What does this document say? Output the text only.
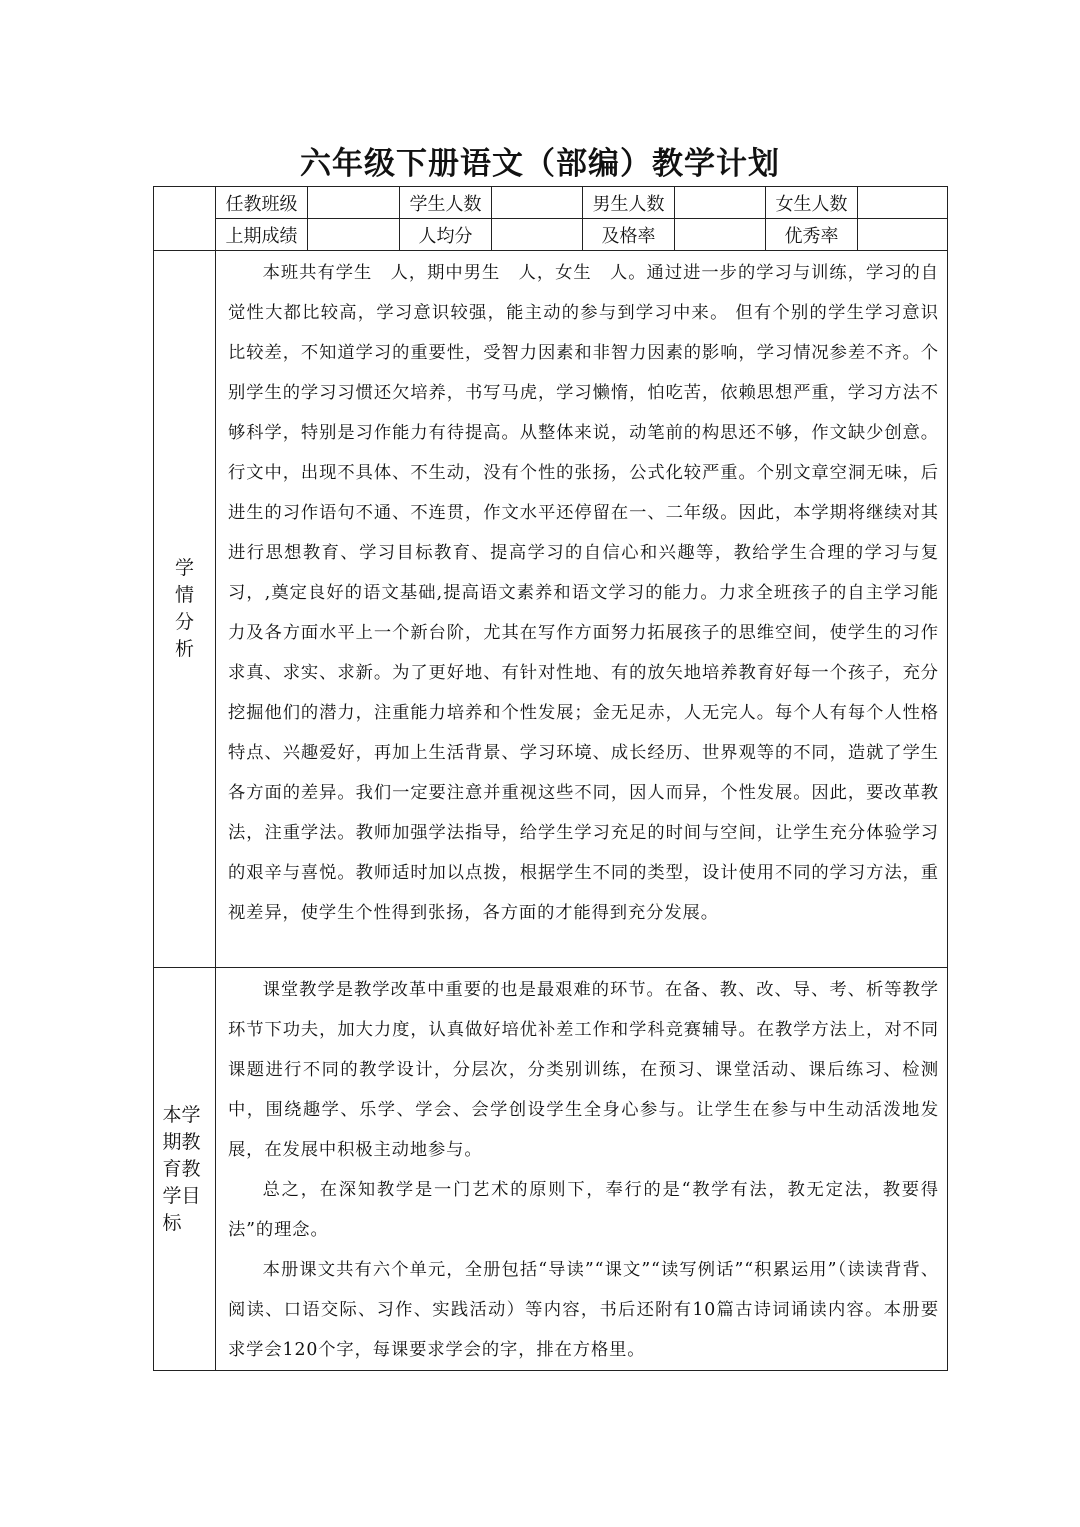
六年级下册语文（部编）教学计划
	任教班级		学生人数		男生人数		女生人数	
	上期成绩		人均分		及格率		优秀率	
学情分析	本班共有学生　人，期中男生　人，女生　人。通过进一步的学习与训练，学习的自觉性大都比较高，学习意识较强，能主动的参与到学习中来。 但有个别的学生学习意识比较差，不知道学习的重要性，受智力因素和非智力因素的影响，学习情况参差不齐。个别学生的学习习惯还欠培养，书写马虎，学习懒惰，怕吃苦，依赖思想严重，学习方法不够科学，特别是习作能力有待提高。从整体来说，动笔前的构思还不够，作文缺少创意。行文中，出现不具体、不生动，没有个性的张扬，公式化较严重。个别文章空洞无味，后进生的习作语句不通、不连贯，作文水平还停留在一、二年级。因此，本学期将继续对其进行思想教育、学习目标教育、提高学习的自信心和兴趣等，教给学生合理的学习与复习，,奠定良好的语文基础,提高语文素养和语文学习的能力。力求全班孩子的自主学习能力及各方面水平上一个新台阶，尤其在写作方面努力拓展孩子的思维空间，使学生的习作求真、求实、求新。为了更好地、有针对性地、有的放矢地培养教育好每一个孩子，充分挖掘他们的潜力，注重能力培养和个性发展；金无足赤，人无完人。每个人有每个人性格特点、兴趣爱好，再加上生活背景、学习环境、成长经历、世界观等的不同，造就了学生各方面的差异。我们一定要注意并重视这些不同，因人而异，个性发展。因此，要改革教法，注重学法。教师加强学法指导，给学生学习充足的时间与空间，让学生充分体验学习的艰辛与喜悦。教师适时加以点拨，根据学生不同的类型，设计使用不同的学习方法，重视差异，使学生个性得到张扬，各方面的才能得到充分发展。							

本学期教育教学目标	课堂教学是教学改革中重要的也是最艰难的环节。在备、教、改、导、考、析等教学环节下功夫，加大力度，认真做好培优补差工作和学科竞赛辅导。在教学方法上，对不同课题进行不同的教学设计，分层次，分类别训练，在预习、课堂活动、课后练习、检测中，围绕趣学、乐学、学会、会学创设学生全身心参与。让学生在参与中生动活泼地发展，在发展中积极主动地参与。

总之，在深知教学是一门艺术的原则下，奉行的是“教学有法，教无定法，教要得法”的理念。

本册课文共有六个单元，全册包括“导读”“课文”“读写例话”“积累运用”（读读背背、阅读、口语交际、习作、实践活动）等内容，书后还附有10篇古诗词诵读内容。本册要求学会120个字，每课要求学会的字，排在方格里。							
